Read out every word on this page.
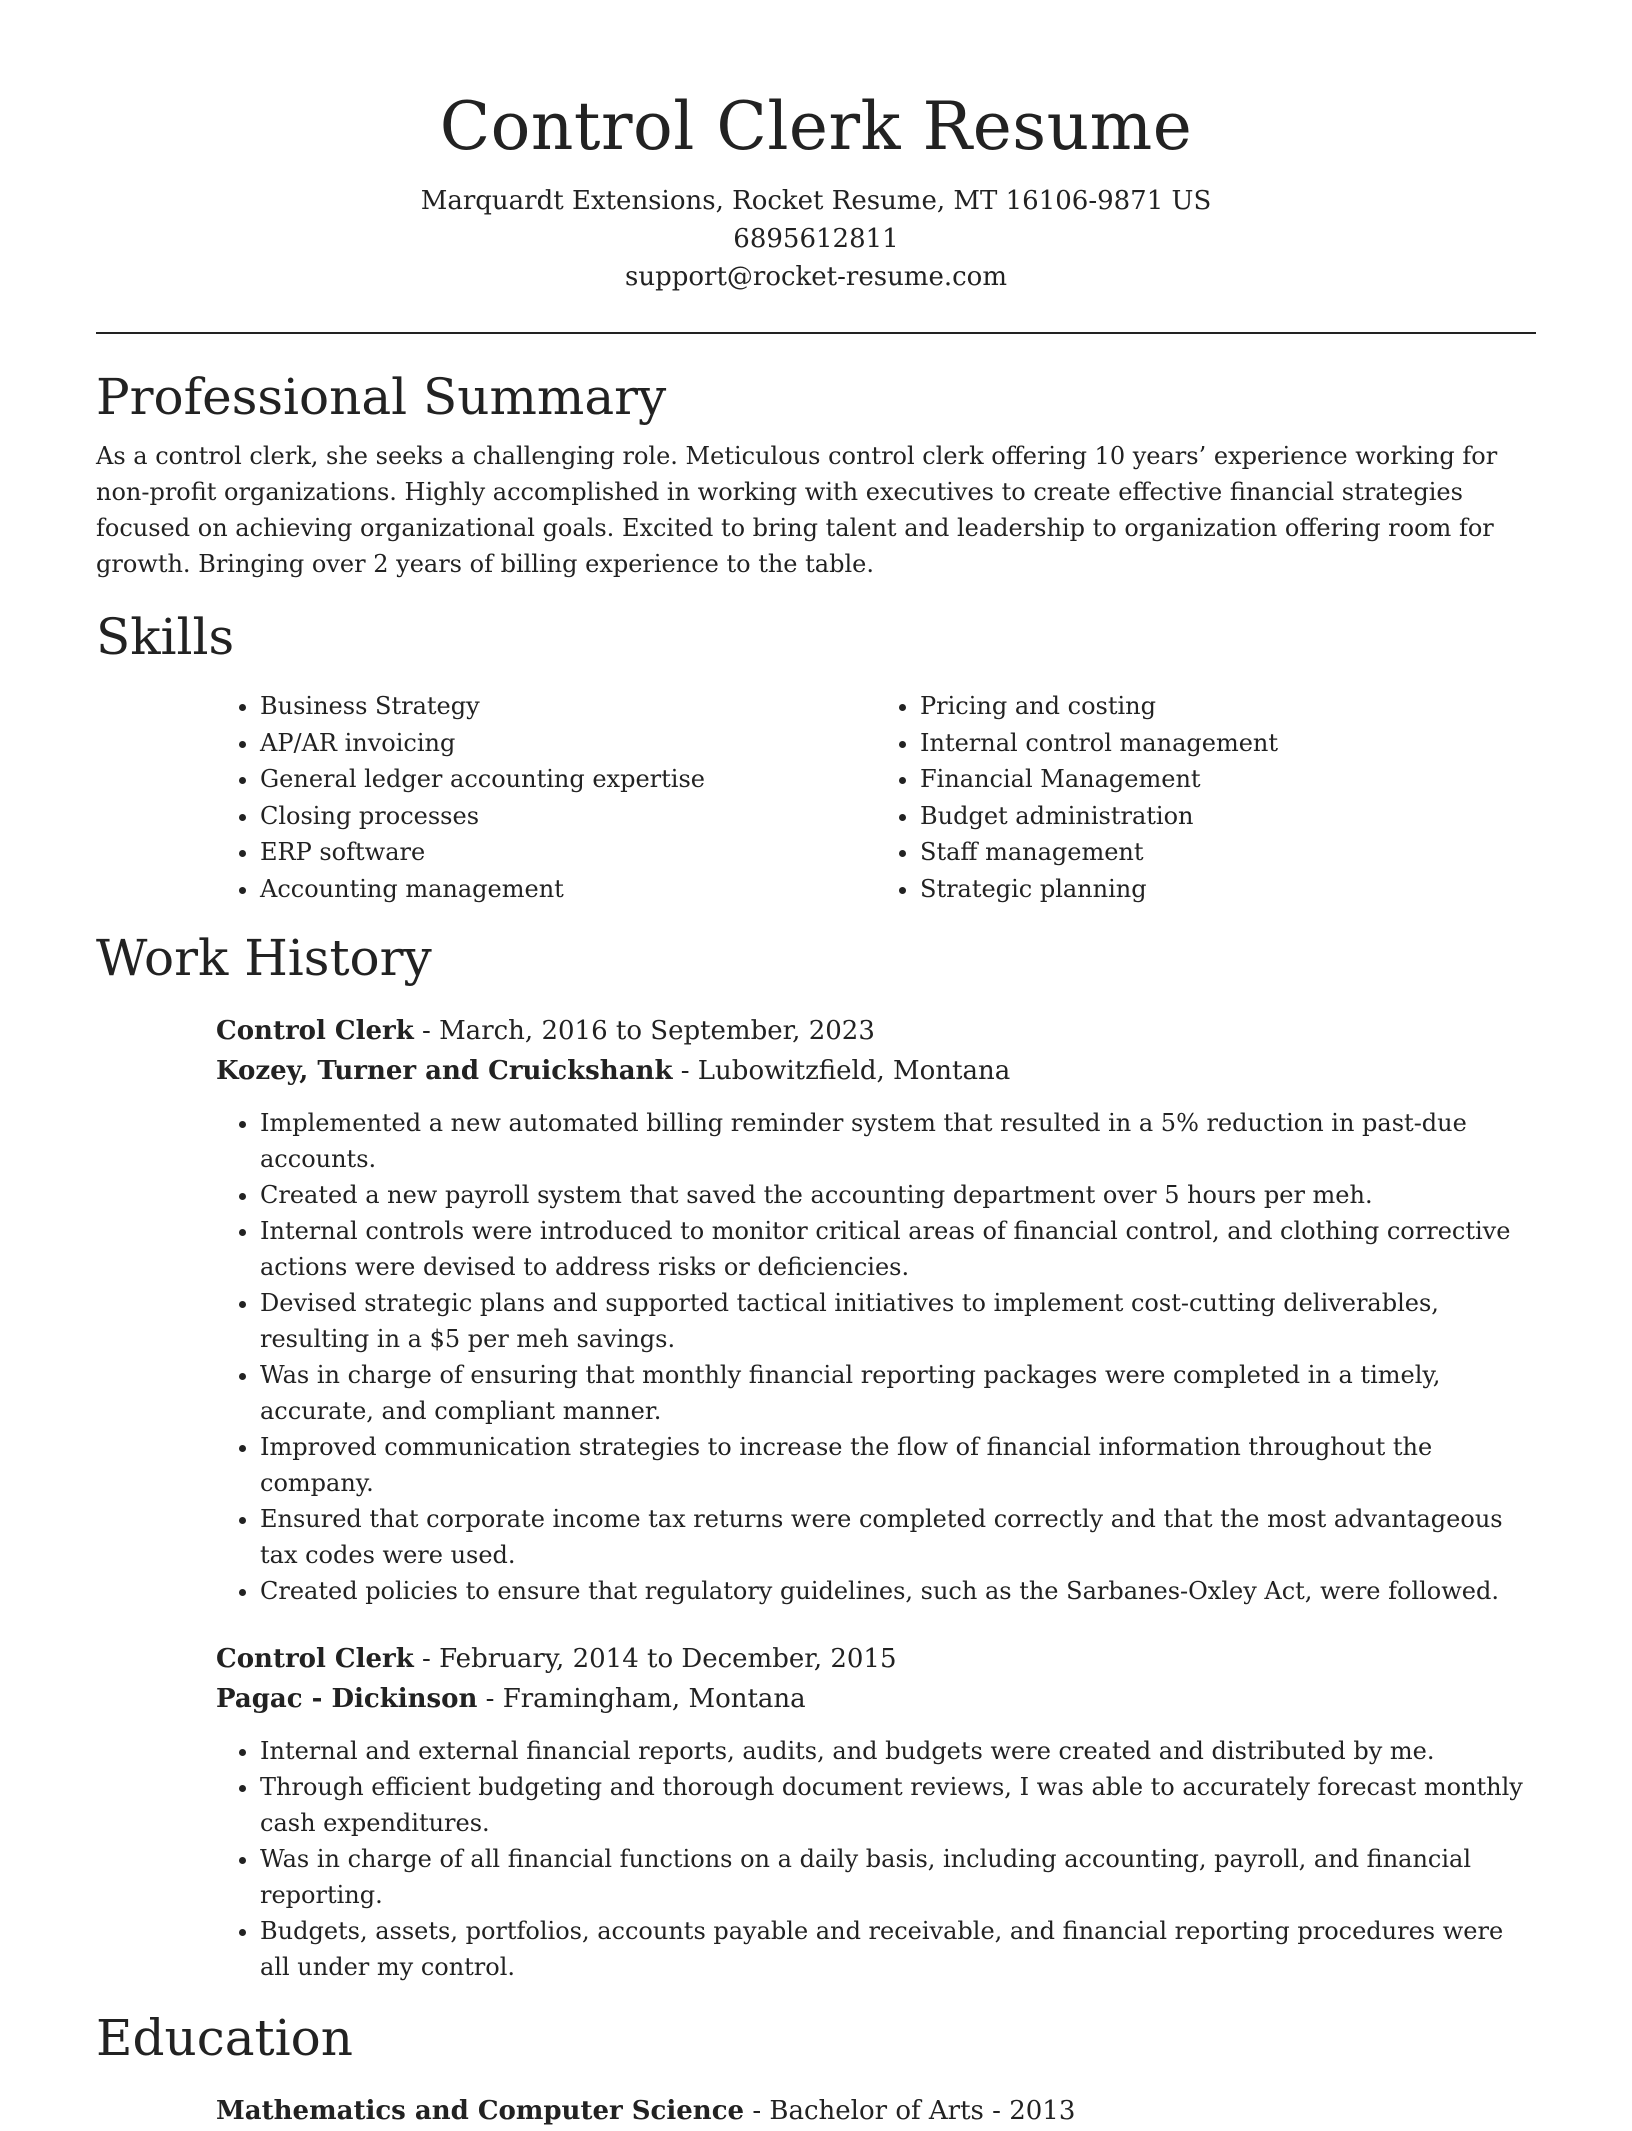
Control Clerk Resume
Marquardt Extensions, Rocket Resume, MT 16106-9871 US
6895612811
support@rocket-resume.com
Professional Summary

As a control clerk, she seeks a challenging role. Meticulous control clerk offering 10 years’ experience working for non-profit organizations. Highly accomplished in working with executives to create effective financial strategies focused on achieving organizational goals. Excited to bring talent and leadership to organization offering room for growth. Bringing over 2 years of billing experience to the table.

Skills
• Business Strategy
• AP/AR invoicing
• General ledger accounting expertise
• Closing processes
• ERP software
• Accounting management
• Pricing and costing
• Internal control management
• Financial Management
• Budget administration
• Staff management
• Strategic planning
Work History
Control Clerk - March, 2016 to September, 2023
Kozey, Turner and Cruickshank - Lubowitzfield, Montana
• Implemented a new automated billing reminder system that resulted in a 5% reduction in past-due accounts.
• Created a new payroll system that saved the accounting department over 5 hours per meh.
• Internal controls were introduced to monitor critical areas of financial control, and clothing corrective actions were devised to address risks or deficiencies.
• Devised strategic plans and supported tactical initiatives to implement cost-cutting deliverables, resulting in a $5 per meh savings.
• Was in charge of ensuring that monthly financial reporting packages were completed in a timely, accurate, and compliant manner.
• Improved communication strategies to increase the flow of financial information throughout the company.
• Ensured that corporate income tax returns were completed correctly and that the most advantageous tax codes were used.
• Created policies to ensure that regulatory guidelines, such as the Sarbanes-Oxley Act, were followed.
Control Clerk - February, 2014 to December, 2015
Pagac - Dickinson - Framingham, Montana
• Internal and external financial reports, audits, and budgets were created and distributed by me.
• Through efficient budgeting and thorough document reviews, I was able to accurately forecast monthly cash expenditures.
• Was in charge of all financial functions on a daily basis, including accounting, payroll, and financial reporting.
• Budgets, assets, portfolios, accounts payable and receivable, and financial reporting procedures were all under my control.
Education
Mathematics and Computer Science - Bachelor of Arts - 2013
